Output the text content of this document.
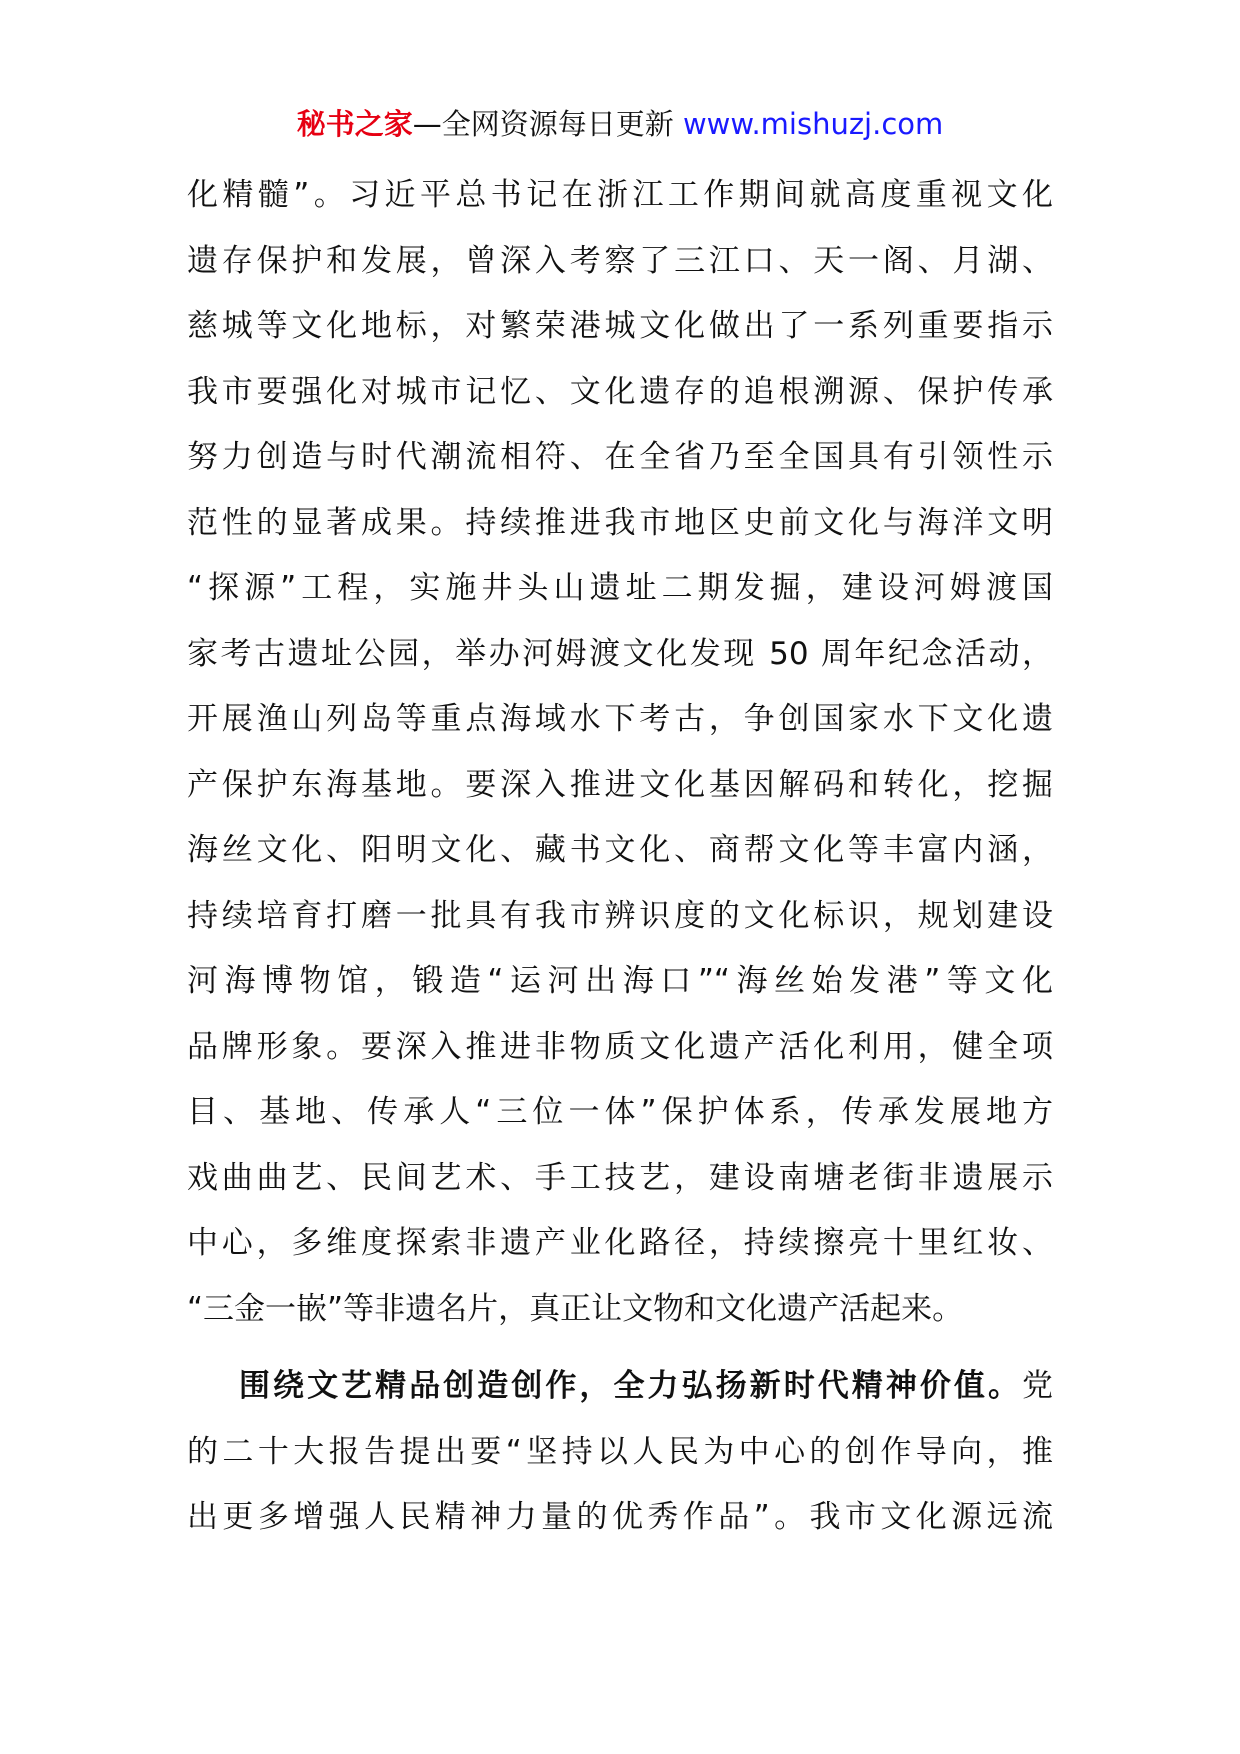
秘书之家—全网资源每日更新 www.mishuzj.com
化精髓”。习近平总书记在浙江工作期间就高度重视文化
遗存保护和发展，曾深入考察了三江口、天一阁、月湖、
慈城等文化地标，对繁荣港城文化做出了一系列重要指示
我市要强化对城市记忆、文化遗存的追根溯源、保护传承
努力创造与时代潮流相符、在全省乃至全国具有引领性示
范性的显著成果。持续推进我市地区史前文化与海洋文明
“探源”工程，实施井头山遗址二期发掘，建设河姆渡国
家考古遗址公园，举办河姆渡文化发现 50 周年纪念活动，
开展渔山列岛等重点海域水下考古，争创国家水下文化遗
产保护东海基地。要深入推进文化基因解码和转化，挖掘
海丝文化、阳明文化、藏书文化、商帮文化等丰富内涵，
持续培育打磨一批具有我市辨识度的文化标识，规划建设
河海博物馆，锻造“运河出海口”“海丝始发港”等文化
品牌形象。要深入推进非物质文化遗产活化利用，健全项
目、基地、传承人“三位一体”保护体系，传承发展地方
戏曲曲艺、民间艺术、手工技艺，建设南塘老街非遗展示
中心，多维度探索非遗产业化路径，持续擦亮十里红妆、
“三金一嵌”等非遗名片，真正让文物和文化遗产活起来。
围绕文艺精品创造创作，全力弘扬新时代精神价值。党
的二十大报告提出要“坚持以人民为中心的创作导向，推
出更多增强人民精神力量的优秀作品”。我市文化源远流
